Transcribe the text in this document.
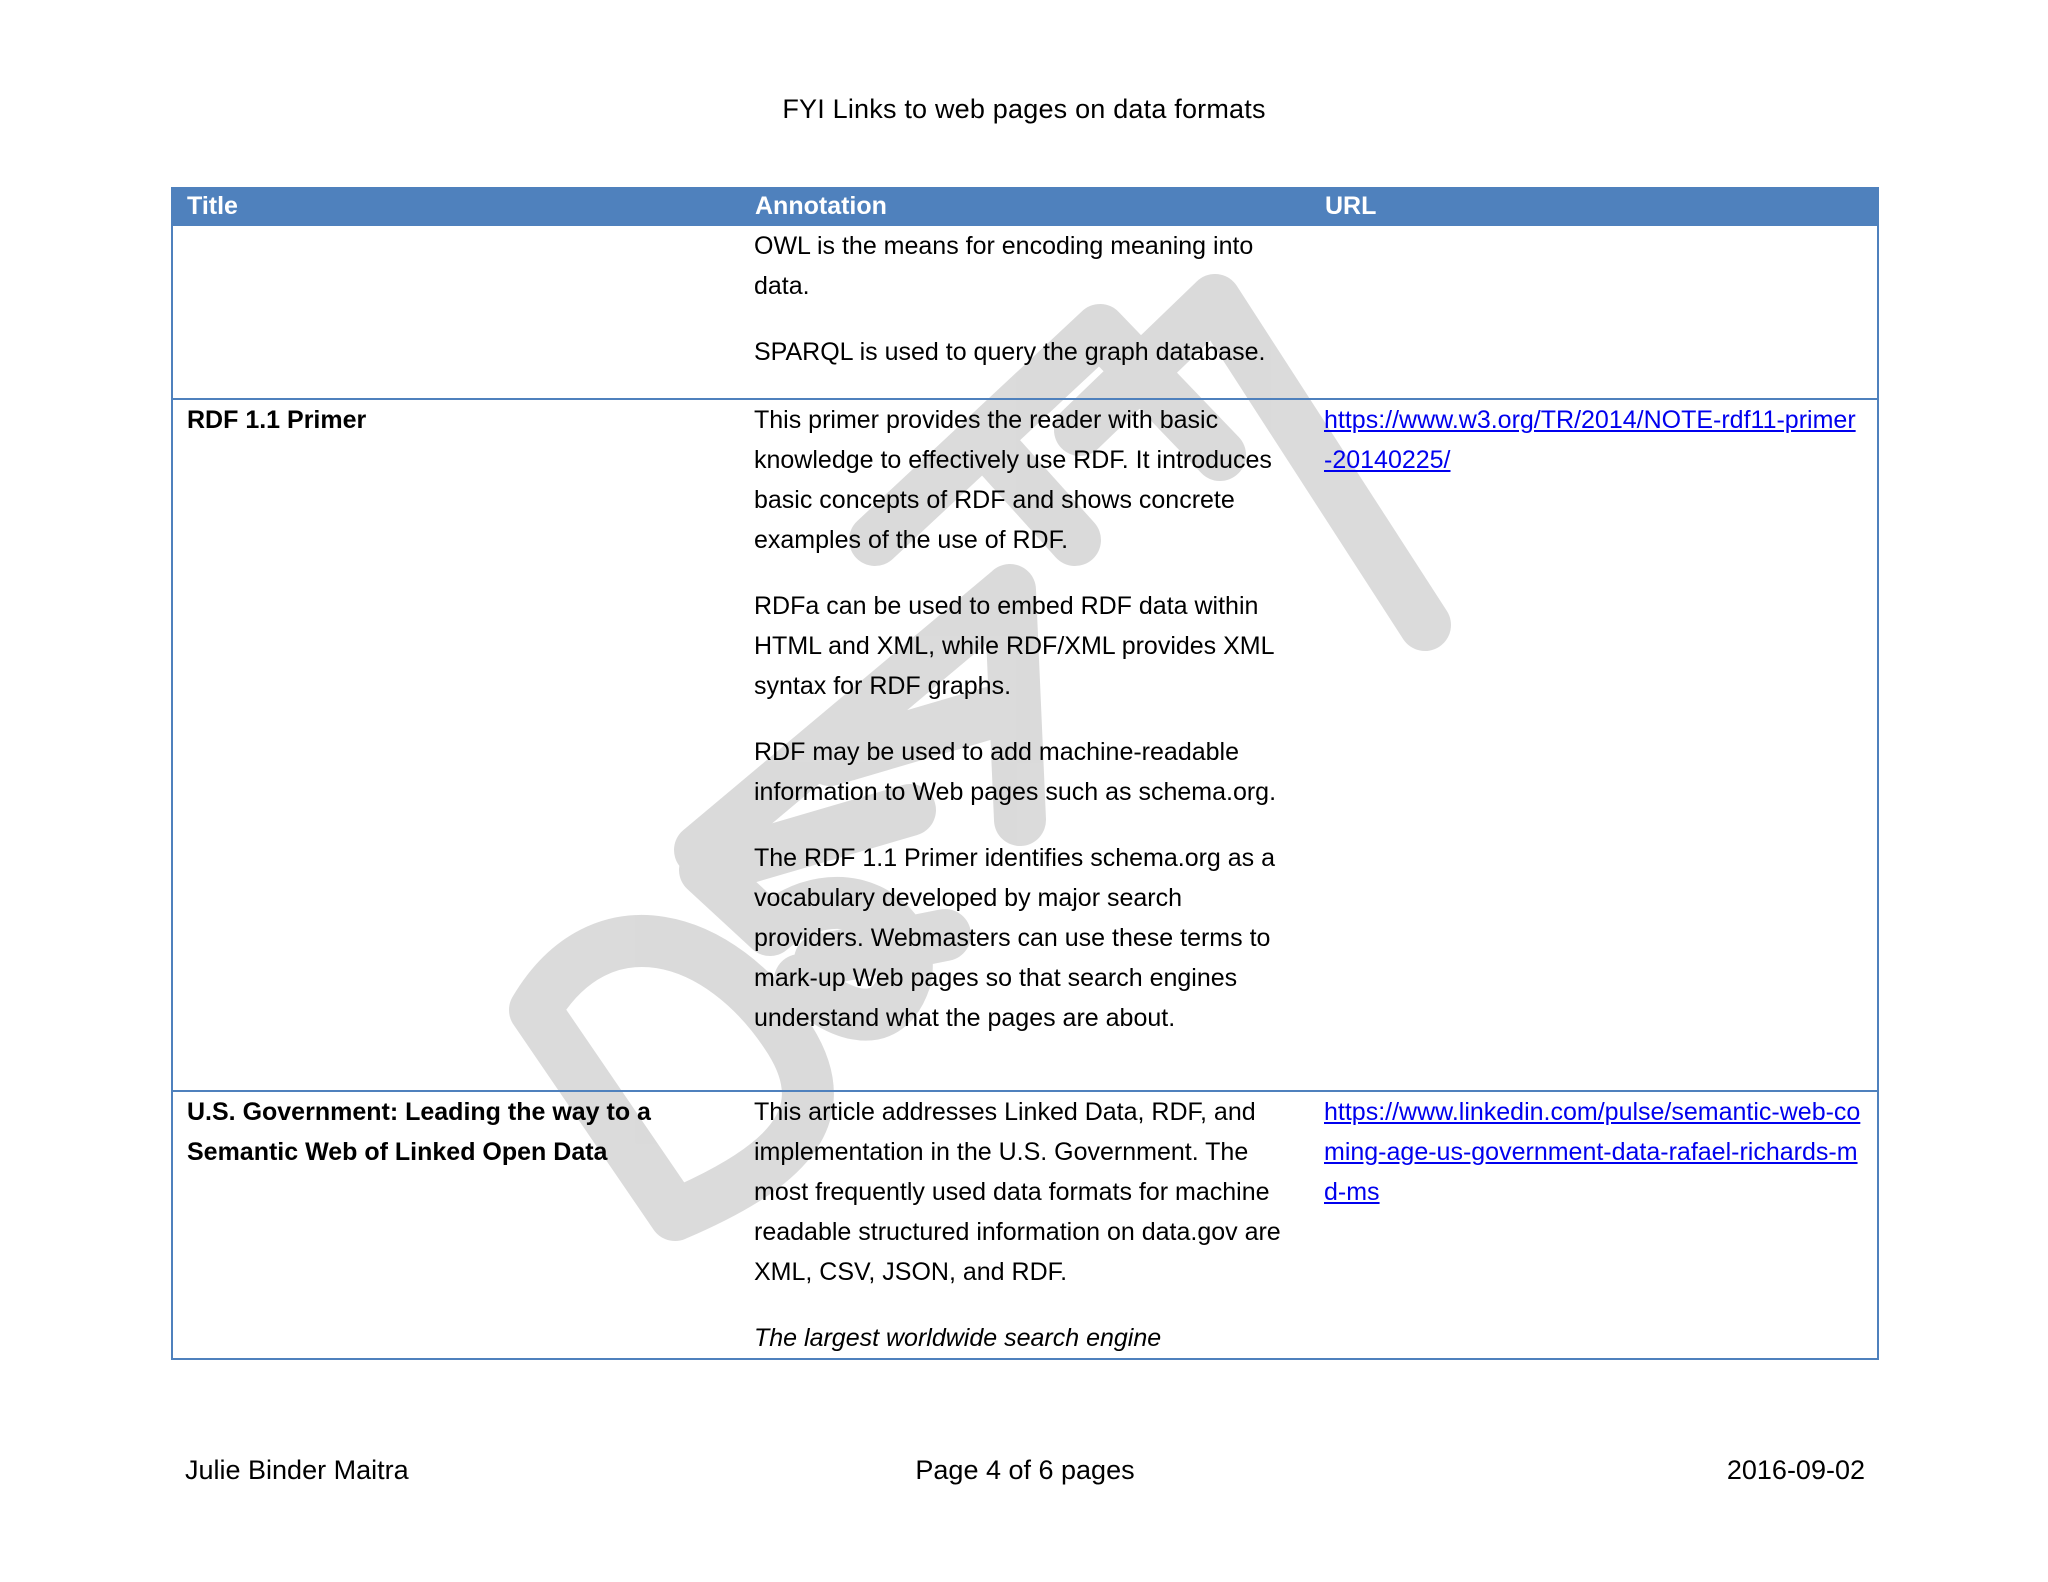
FYI Links to web pages on data formats
Title	Annotation	URL

	OWL is the means for encoding meaning into data.

SPARQL is used to query the graph database.	

RDF 1.1 Primer	This primer provides the reader with basic knowledge to effectively use RDF. It introduces basic concepts of RDF and shows concrete examples of the use of RDF.

RDFa can be used to embed RDF data within HTML and XML, while RDF/XML provides XML syntax for RDF graphs.

RDF may be used to add machine-readable information to Web pages such as schema.org.

The RDF 1.1 Primer identifies schema.org as a vocabulary developed by major search providers. Webmasters can use these terms to mark-up Web pages so that search engines understand what the pages are about.	https://www.w3.org/TR/2014/NOTE-rdf11-primer-20140225/
U.S. Government: Leading the way to a Semantic Web of Linked Open Data	This article addresses Linked Data, RDF, and implementation in the U.S. Government. The most frequently used data formats for machine readable structured information on data.gov are XML, CSV, JSON, and RDF.

The largest worldwide search engine	https://www.linkedin.com/pulse/semantic-web-coming-age-us-government-data-rafael-richards-md-ms
Julie Binder Maitra	Page 4 of 6 pages	2016-09-02
